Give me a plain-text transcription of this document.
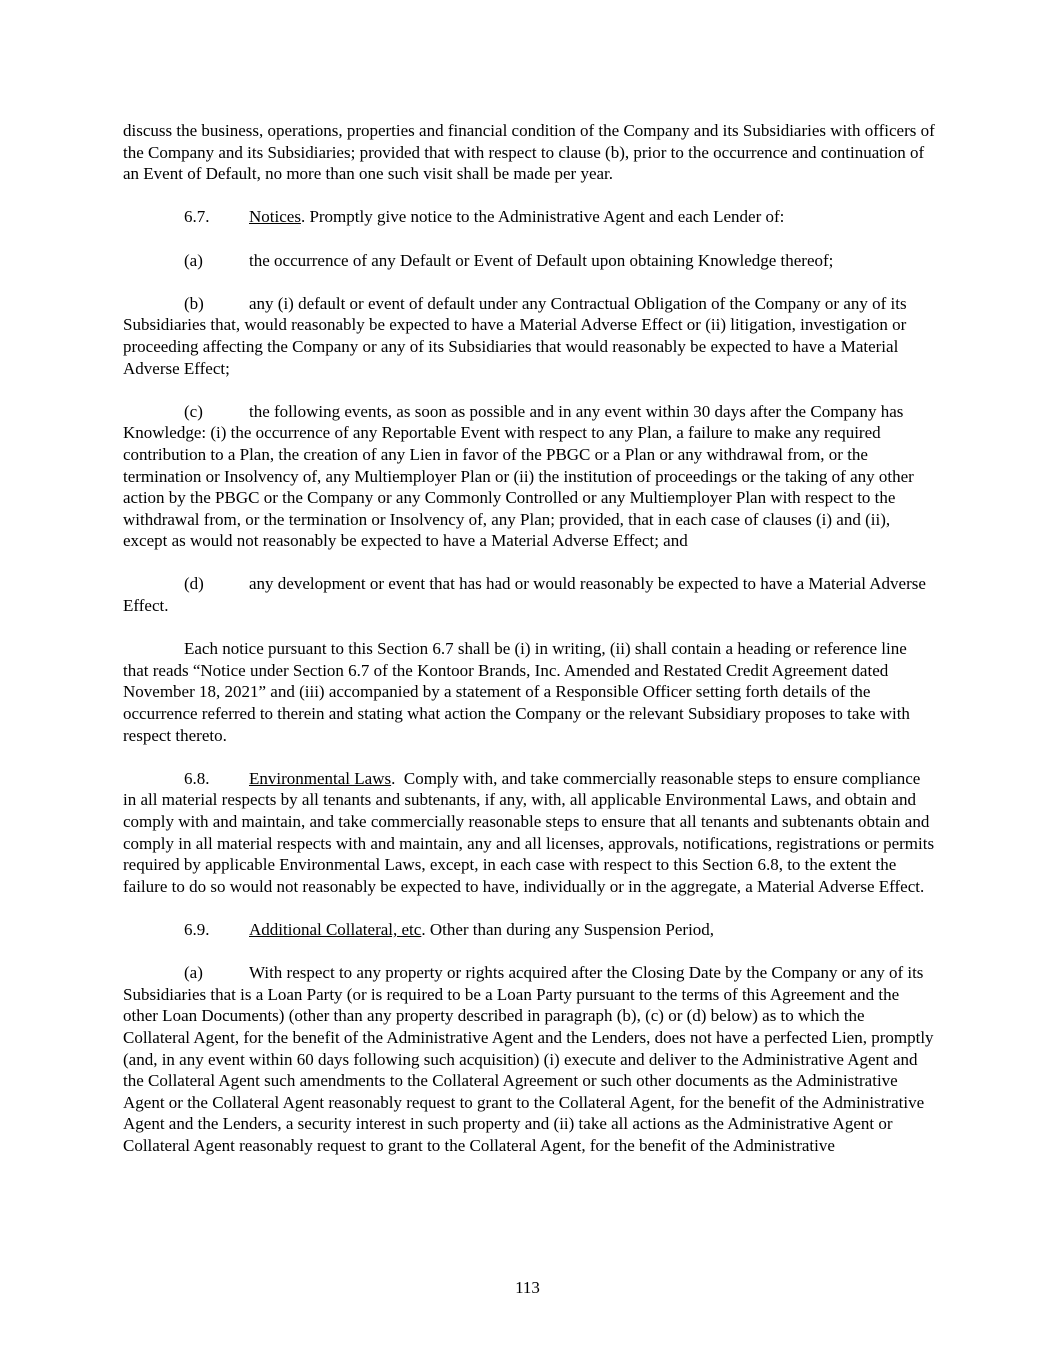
discuss the business, operations, properties and financial condition of the Company and its Subsidiaries with officers of the Company and its Subsidiaries; provided that with respect to clause (b), prior to the occurrence and continuation of an Event of Default, no more than one such visit shall be made per year.

6.7. Notices. Promptly give notice to the Administrative Agent and each Lender of:

(a)	the occurrence of any Default or Event of Default upon obtaining Knowledge thereof;

(b)	any (i) default or event of default under any Contractual Obligation of the Company or any of its Subsidiaries that, would reasonably be expected to have a Material Adverse Effect or (ii) litigation, investigation or proceeding affecting the Company or any of its Subsidiaries that would reasonably be expected to have a Material Adverse Effect;

(c)	the following events, as soon as possible and in any event within 30 days after the Company has Knowledge: (i) the occurrence of any Reportable Event with respect to any Plan, a failure to make any required contribution to a Plan, the creation of any Lien in favor of the PBGC or a Plan or any withdrawal from, or the termination or Insolvency of, any Multiemployer Plan or (ii) the institution of proceedings or the taking of any other action by the PBGC or the Company or any Commonly Controlled or any Multiemployer Plan with respect to the withdrawal from, or the termination or Insolvency of, any Plan; provided, that in each case of clauses (i) and (ii), except as would not reasonably be expected to have a Material Adverse Effect; and

(d)	any development or event that has had or would reasonably be expected to have a Material Adverse Effect.

Each notice pursuant to this Section 6.7 shall be (i) in writing, (ii) shall contain a heading or reference line that reads “Notice under Section 6.7 of the Kontoor Brands, Inc. Amended and Restated Credit Agreement dated November 18, 2021” and (iii) accompanied by a statement of a Responsible Officer setting forth details of the occurrence referred to therein and stating what action the Company or the relevant Subsidiary proposes to take with respect thereto.

6.8. Environmental Laws.  Comply with, and take commercially reasonable steps to ensure compliance in all material respects by all tenants and subtenants, if any, with, all applicable Environmental Laws, and obtain and comply with and maintain, and take commercially reasonable steps to ensure that all tenants and subtenants obtain and comply in all material respects with and maintain, any and all licenses, approvals, notifications, registrations or permits required by applicable Environmental Laws, except, in each case with respect to this Section 6.8, to the extent the failure to do so would not reasonably be expected to have, individually or in the aggregate, a Material Adverse Effect.

6.9. Additional Collateral, etc. Other than during any Suspension Period,

(a)	With respect to any property or rights acquired after the Closing Date by the Company or any of its Subsidiaries that is a Loan Party (or is required to be a Loan Party pursuant to the terms of this Agreement and the other Loan Documents) (other than any property described in paragraph (b), (c) or (d) below) as to which the Collateral Agent, for the benefit of the Administrative Agent and the Lenders, does not have a perfected Lien, promptly (and, in any event within 60 days following such acquisition) (i) execute and deliver to the Administrative Agent and the Collateral Agent such amendments to the Collateral Agreement or such other documents as the Administrative Agent or the Collateral Agent reasonably request to grant to the Collateral Agent, for the benefit of the Administrative Agent and the Lenders, a security interest in such property and (ii) take all actions as the Administrative Agent or Collateral Agent reasonably request to grant to the Collateral Agent, for the benefit of the Administrative

113
